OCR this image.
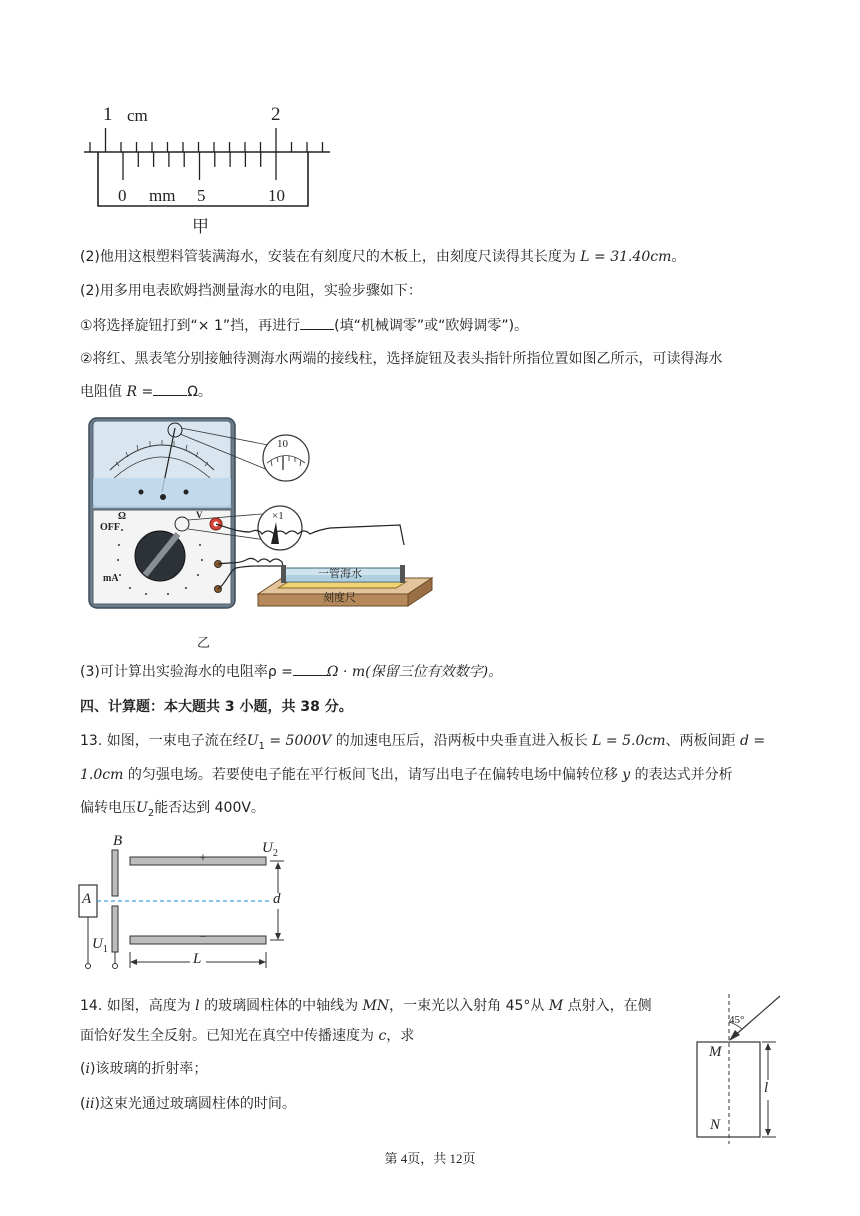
1 cm	2
0 mm 5	10
甲
(2)他用这根塑料管装满海水，安装在有刻度尺的木板上，由刻度尺读得其长度为 L = 31.40cm。
(2)用多用电表欧姆挡测量海水的电阻，实验步骤如下：
①将选择旋钮打到“× 1”挡，再进行 (填“机械调零”或“欧姆调零”)。
②将红、黑表笔分别接触待测海水两端的接线柱，选择旋钮及表头指针所指位置如图乙所示，可读得海水
电阻值 R = Ω。
10
×1
Ω
OFF
mA
V
一管海水
刻度尺
乙
(3)可计算出实验海水的电阻率ρ = Ω · m(保留三位有效数字)。
四、计算题：本大题共 3 小题，共 38 分。
13. 如图，一束电子流在经$U_1 = 5000V$ 的加速电压后，沿两板中央垂直进入板长 L = 5.0cm、两板间距 d =
1.0cm 的匀强电场。若要使电子能在平行板间飞出，请写出电子在偏转电场中偏转位移 y 的表达式并分析
偏转电压$U_2$能否达到 400V。
B	$U_2$
+
−
A	d
$U_1$
L
14. 如图，高度为 l 的玻璃圆柱体的中轴线为 MN，一束光以入射角 45°从 M 点射入，在侧
面恰好发生全反射。已知光在真空中传播速度为 c，求
(i)该玻璃的折射率；
(ii)这束光通过玻璃圆柱体的时间。
45°
M
N
l
第 4页，共 12页
